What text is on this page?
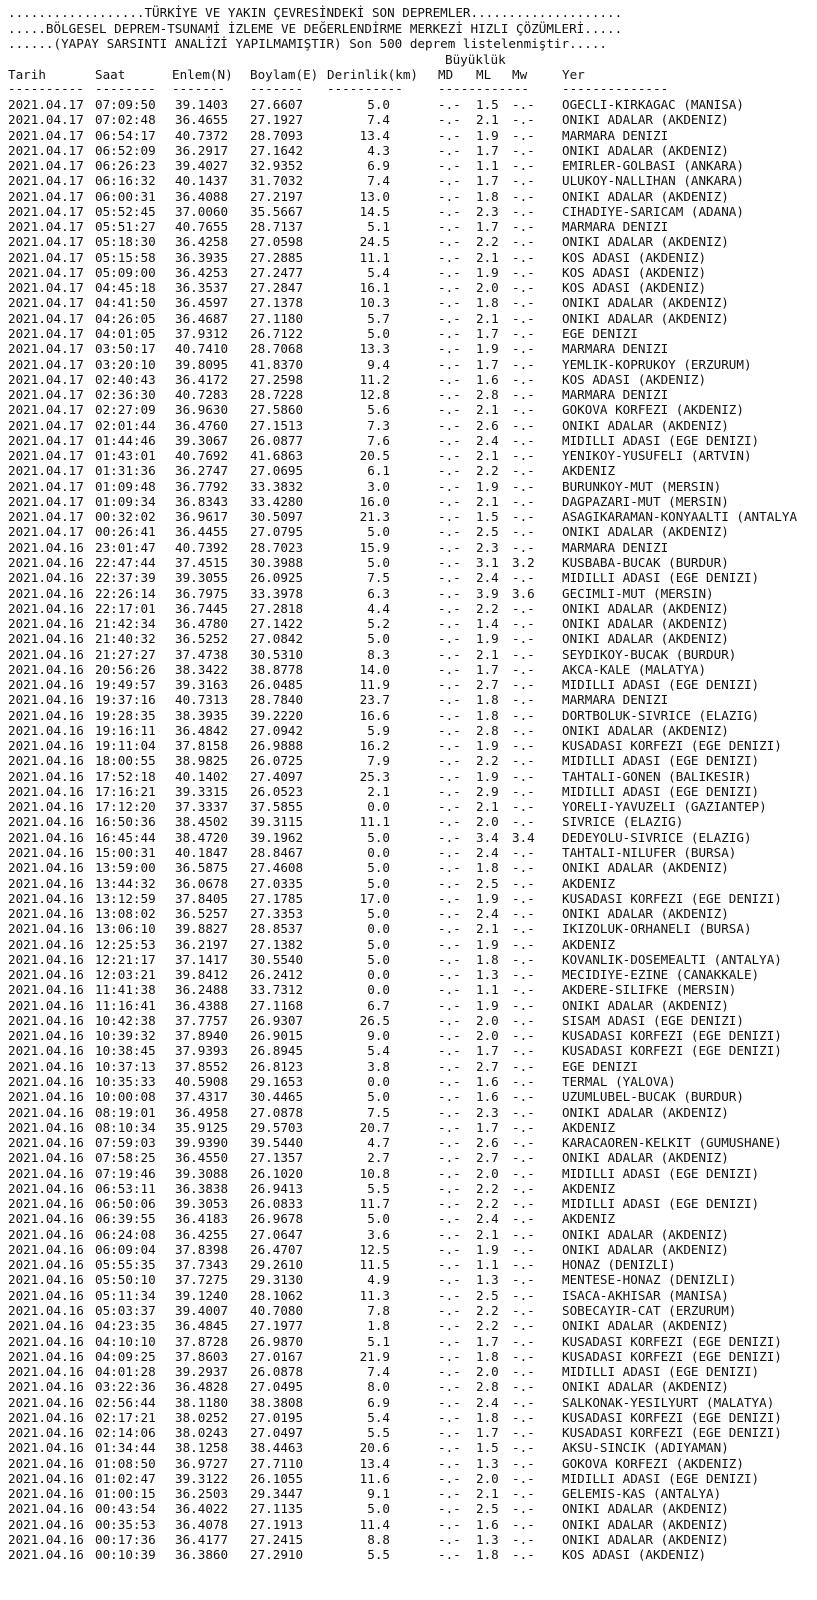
..................TÜRKİYE VE YAKIN ÇEVRESİNDEKİ SON DEPREMLER....................
.....BÖLGESEL DEPREM-TSUNAMİ İZLEME VE DEĞERLENDİRME MERKEZİ HIZLI ÇÖZÜMLERİ.....
......(YAPAY SARSINTI ANALİZİ YAPILMAMIŞTIR) Son 500 deprem listelenmiştir.....
Büyüklük
Tarih	Saat	Enlem(N) Boylam(E) Derinlik(km) MD ML Mw	Yer
---------- -------- ------- ------- ----------	------------	--------------
2021.04.17 07:09:50 39.1403 27.6607	5.0	-.- 1.5 -.- OGECLI-KIRKAGAC (MANISA)
2021.04.17 07:02:48 36.4655 27.1927	7.4	-.- 2.1 -.- ONIKI ADALAR (AKDENIZ)
2021.04.17 06:54:17 40.7372 28.7093	13.4	-.- 1.9 -.- MARMARA DENIZI
2021.04.17 06:52:09 36.2917 27.1642	4.3	-.- 1.7 -.- ONIKI ADALAR (AKDENIZ)
2021.04.17 06:26:23 39.4027 32.9352	6.9	-.- 1.1 -.- EMIRLER-GOLBASI (ANKARA)
2021.04.17 06:16:32 40.1437 31.7032	7.4	-.- 1.7 -.- ULUKOY-NALLIHAN (ANKARA)
2021.04.17 06:00:31 36.4088 27.2197	13.0	-.- 1.8 -.- ONIKI ADALAR (AKDENIZ)
2021.04.17 05:52:45 37.0060 35.5667	14.5	-.- 2.3 -.- CIHADIYE-SARICAM (ADANA)
2021.04.17 05:51:27 40.7655 28.7137	5.1	-.- 1.7 -.- MARMARA DENIZI
2021.04.17 05:18:30 36.4258 27.0598	24.5	-.- 2.2 -.- ONIKI ADALAR (AKDENIZ)
2021.04.17 05:15:58 36.3935 27.2885	11.1	-.- 2.1 -.- KOS ADASI (AKDENIZ)
2021.04.17 05:09:00 36.4253 27.2477	5.4	-.- 1.9 -.- KOS ADASI (AKDENIZ)
2021.04.17 04:45:18 36.3537 27.2847	16.1	-.- 2.0 -.- KOS ADASI (AKDENIZ)
2021.04.17 04:41:50 36.4597 27.1378	10.3	-.- 1.8 -.- ONIKI ADALAR (AKDENIZ)
2021.04.17 04:26:05 36.4687 27.1180	5.7	-.- 2.1 -.- ONIKI ADALAR (AKDENIZ)
2021.04.17 04:01:05 37.9312 26.7122	5.0	-.- 1.7 -.- EGE DENIZI
2021.04.17 03:50:17 40.7410 28.7068	13.3	-.- 1.9 -.- MARMARA DENIZI
2021.04.17 03:20:10 39.8095 41.8370	9.4	-.- 1.7 -.- YEMLIK-KOPRUKOY (ERZURUM)
2021.04.17 02:40:43 36.4172 27.2598	11.2	-.- 1.6 -.- KOS ADASI (AKDENIZ)
2021.04.17 02:36:30 40.7283 28.7228	12.8	-.- 2.8 -.- MARMARA DENIZI
2021.04.17 02:27:09 36.9630 27.5860	5.6	-.- 2.1 -.- GOKOVA KORFEZI (AKDENIZ)
2021.04.17 02:01:44 36.4760 27.1513	7.3	-.- 2.6 -.- ONIKI ADALAR (AKDENIZ)
2021.04.17 01:44:46 39.3067 26.0877	7.6	-.- 2.4 -.- MIDILLI ADASI (EGE DENIZI)
2021.04.17 01:43:01 40.7692 41.6863	20.5	-.- 2.1 -.- YENIKOY-YUSUFELI (ARTVIN)
2021.04.17 01:31:36 36.2747 27.0695	6.1	-.- 2.2 -.- AKDENIZ
2021.04.17 01:09:48 36.7792 33.3832	3.0	-.- 1.9 -.- BURUNKOY-MUT (MERSIN)
2021.04.17 01:09:34 36.8343 33.4280	16.0	-.- 2.1 -.- DAGPAZARI-MUT (MERSIN)
2021.04.17 00:32:02 36.9617 30.5097	21.3	-.- 1.5 -.- ASAGIKARAMAN-KONYAALTI (ANTALYA
2021.04.17 00:26:41 36.4455 27.0795	5.0	-.- 2.5 -.- ONIKI ADALAR (AKDENIZ)
2021.04.16 23:01:47 40.7392 28.7023	15.9	-.- 2.3 -.- MARMARA DENIZI
2021.04.16 22:47:44 37.4515 30.3988	5.0	-.- 3.1 3.2 KUSBABA-BUCAK (BURDUR)
2021.04.16 22:37:39 39.3055 26.0925	7.5	-.- 2.4 -.- MIDILLI ADASI (EGE DENIZI)
2021.04.16 22:26:14 36.7975 33.3978	6.3	-.- 3.9 3.6 GECIMLI-MUT (MERSIN)
2021.04.16 22:17:01 36.7445 27.2818	4.4	-.- 2.2 -.- ONIKI ADALAR (AKDENIZ)
2021.04.16 21:42:34 36.4780 27.1422	5.2	-.- 1.4 -.- ONIKI ADALAR (AKDENIZ)
2021.04.16 21:40:32 36.5252 27.0842	5.0	-.- 1.9 -.- ONIKI ADALAR (AKDENIZ)
2021.04.16 21:27:27 37.4738 30.5310	8.3	-.- 2.1 -.- SEYDIKOY-BUCAK (BURDUR)
2021.04.16 20:56:26 38.3422 38.8778	14.0	-.- 1.7 -.- AKCA-KALE (MALATYA)
2021.04.16 19:49:57 39.3163 26.0485	11.9	-.- 2.7 -.- MIDILLI ADASI (EGE DENIZI)
2021.04.16 19:37:16 40.7313 28.7840	23.7	-.- 1.8 -.- MARMARA DENIZI
2021.04.16 19:28:35 38.3935 39.2220	16.6	-.- 1.8 -.- DORTBOLUK-SIVRICE (ELAZIG)
2021.04.16 19:16:11 36.4842 27.0942	5.9	-.- 2.8 -.- ONIKI ADALAR (AKDENIZ)
2021.04.16 19:11:04 37.8158 26.9888	16.2	-.- 1.9 -.- KUSADASI KORFEZI (EGE DENIZI)
2021.04.16 18:00:55 38.9825 26.0725	7.9	-.- 2.2 -.- MIDILLI ADASI (EGE DENIZI)
2021.04.16 17:52:18 40.1402 27.4097	25.3	-.- 1.9 -.- TAHTALI-GONEN (BALIKESIR)
2021.04.16 17:16:21 39.3315 26.0523	2.1	-.- 2.9 -.- MIDILLI ADASI (EGE DENIZI)
2021.04.16 17:12:20 37.3337 37.5855	0.0	-.- 2.1 -.- YORELI-YAVUZELI (GAZIANTEP)
2021.04.16 16:50:36 38.4502 39.3115	11.1	-.- 2.0 -.- SIVRICE (ELAZIG)
2021.04.16 16:45:44 38.4720 39.1962	5.0	-.- 3.4 3.4 DEDEYOLU-SIVRICE (ELAZIG)
2021.04.16 15:00:31 40.1847 28.8467	0.0	-.- 2.4 -.- TAHTALI-NILUFER (BURSA)
2021.04.16 13:59:00 36.5875 27.4608	5.0	-.- 1.8 -.- ONIKI ADALAR (AKDENIZ)
2021.04.16 13:44:32 36.0678 27.0335	5.0	-.- 2.5 -.- AKDENIZ
2021.04.16 13:12:59 37.8405 27.1785	17.0	-.- 1.9 -.- KUSADASI KORFEZI (EGE DENIZI)
2021.04.16 13:08:02 36.5257 27.3353	5.0	-.- 2.4 -.- ONIKI ADALAR (AKDENIZ)
2021.04.16 13:06:10 39.8827 28.8537	0.0	-.- 2.1 -.- IKIZOLUK-ORHANELI (BURSA)
2021.04.16 12:25:53 36.2197 27.1382	5.0	-.- 1.9 -.- AKDENIZ
2021.04.16 12:21:17 37.1417 30.5540	5.0	-.- 1.8 -.- KOVANLIK-DOSEMEALTI (ANTALYA)
2021.04.16 12:03:21 39.8412 26.2412	0.0	-.- 1.3 -.- MECIDIYE-EZINE (CANAKKALE)
2021.04.16 11:41:38 36.2488 33.7312	0.0	-.- 1.1 -.- AKDERE-SILIFKE (MERSIN)
2021.04.16 11:16:41 36.4388 27.1168	6.7	-.- 1.9 -.- ONIKI ADALAR (AKDENIZ)
2021.04.16 10:42:38 37.7757 26.9307	26.5	-.- 2.0 -.- SISAM ADASI (EGE DENIZI)
2021.04.16 10:39:32 37.8940 26.9015	9.0	-.- 2.0 -.- KUSADASI KORFEZI (EGE DENIZI)
2021.04.16 10:38:45 37.9393 26.8945	5.4	-.- 1.7 -.- KUSADASI KORFEZI (EGE DENIZI)
2021.04.16 10:37:13 37.8552 26.8123	3.8	-.- 2.7 -.- EGE DENIZI
2021.04.16 10:35:33 40.5908 29.1653	0.0	-.- 1.6 -.- TERMAL (YALOVA)
2021.04.16 10:00:08 37.4317 30.4465	5.0	-.- 1.6 -.- UZUMLUBEL-BUCAK (BURDUR)
2021.04.16 08:19:01 36.4958 27.0878	7.5	-.- 2.3 -.- ONIKI ADALAR (AKDENIZ)
2021.04.16 08:10:34 35.9125 29.5703	20.7	-.- 1.7 -.- AKDENIZ
2021.04.16 07:59:03 39.9390 39.5440	4.7	-.- 2.6 -.- KARACAOREN-KELKIT (GUMUSHANE)
2021.04.16 07:58:25 36.4550 27.1357	2.7	-.- 2.7 -.- ONIKI ADALAR (AKDENIZ)
2021.04.16 07:19:46 39.3088 26.1020	10.8	-.- 2.0 -.- MIDILLI ADASI (EGE DENIZI)
2021.04.16 06:53:11 36.3838 26.9413	5.5	-.- 2.2 -.- AKDENIZ
2021.04.16 06:50:06 39.3053 26.0833	11.7	-.- 2.2 -.- MIDILLI ADASI (EGE DENIZI)
2021.04.16 06:39:55 36.4183 26.9678	5.0	-.- 2.4 -.- AKDENIZ
2021.04.16 06:24:08 36.4255 27.0647	3.6	-.- 2.1 -.- ONIKI ADALAR (AKDENIZ)
2021.04.16 06:09:04 37.8398 26.4707	12.5	-.- 1.9 -.- ONIKI ADALAR (AKDENIZ)
2021.04.16 05:55:35 37.7343 29.2610	11.5	-.- 1.1 -.- HONAZ (DENIZLI)
2021.04.16 05:50:10 37.7275 29.3130	4.9	-.- 1.3 -.- MENTESE-HONAZ (DENIZLI)
2021.04.16 05:11:34 39.1240 28.1062	11.3	-.- 2.5 -.- ISACA-AKHISAR (MANISA)
2021.04.16 05:03:37 39.4007 40.7080	7.8	-.- 2.2 -.- SOBECAYIR-CAT (ERZURUM)
2021.04.16 04:23:35 36.4845 27.1977	1.8	-.- 2.2 -.- ONIKI ADALAR (AKDENIZ)
2021.04.16 04:10:10 37.8728 26.9870	5.1	-.- 1.7 -.- KUSADASI KORFEZI (EGE DENIZI)
2021.04.16 04:09:25 37.8603 27.0167	21.9	-.- 1.8 -.- KUSADASI KORFEZI (EGE DENIZI)
2021.04.16 04:01:28 39.2937 26.0878	7.4	-.- 2.0 -.- MIDILLI ADASI (EGE DENIZI)
2021.04.16 03:22:36 36.4828 27.0495	8.0	-.- 2.8 -.- ONIKI ADALAR (AKDENIZ)
2021.04.16 02:56:44 38.1180 38.3808	6.9	-.- 2.4 -.- SALKONAK-YESILYURT (MALATYA)
2021.04.16 02:17:21 38.0252 27.0195	5.4	-.- 1.8 -.- KUSADASI KORFEZI (EGE DENIZI)
2021.04.16 02:14:06 38.0243 27.0497	5.5	-.- 1.7 -.- KUSADASI KORFEZI (EGE DENIZI)
2021.04.16 01:34:44 38.1258 38.4463	20.6	-.- 1.5 -.- AKSU-SINCIK (ADIYAMAN)
2021.04.16 01:08:50 36.9727 27.7110	13.4	-.- 1.3 -.- GOKOVA KORFEZI (AKDENIZ)
2021.04.16 01:02:47 39.3122 26.1055	11.6	-.- 2.0 -.- MIDILLI ADASI (EGE DENIZI)
2021.04.16 01:00:15 36.2503 29.3447	9.1	-.- 2.1 -.- GELEMIS-KAS (ANTALYA)
2021.04.16 00:43:54 36.4022 27.1135	5.0	-.- 2.5 -.- ONIKI ADALAR (AKDENIZ)
2021.04.16 00:35:53 36.4078 27.1913	11.4	-.- 1.6 -.- ONIKI ADALAR (AKDENIZ)
2021.04.16 00:17:36 36.4177 27.2415	8.8	-.- 1.3 -.- ONIKI ADALAR (AKDENIZ)
2021.04.16 00:10:39 36.3860 27.2910	5.5	-.- 1.8 -.- KOS ADASI (AKDENIZ)
